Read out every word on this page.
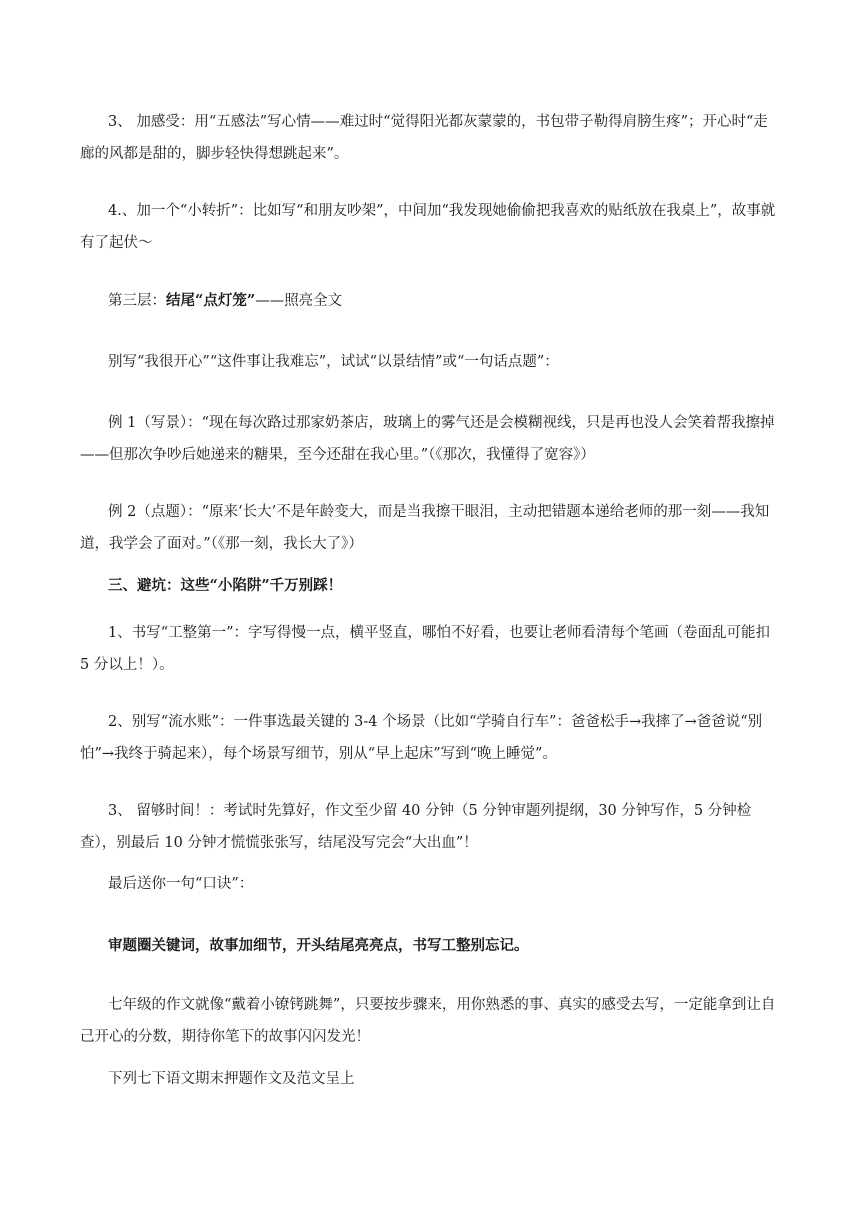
3、 加感受：用“五感法”写心情——难过时“觉得阳光都灰蒙蒙的，书包带子勒得肩膀生疼”；开心时“走廊的风都是甜的，脚步轻快得想跳起来”。

4.、加一个“小转折”：比如写“和朋友吵架”，中间加“我发现她偷偷把我喜欢的贴纸放在我桌上”，故事就有了起伏～

第三层：结尾“点灯笼”——照亮全文

别写“我很开心”“这件事让我难忘”，试试“以景结情”或“一句话点题”：

例 1（写景）：“现在每次路过那家奶茶店，玻璃上的雾气还是会模糊视线，只是再也没人会笑着帮我擦掉——但那次争吵后她递来的糖果，至今还甜在我心里。”（《那次，我懂得了宽容》）

例 2（点题）：“原来‘长大’不是年龄变大，而是当我擦干眼泪，主动把错题本递给老师的那一刻——我知道，我学会了面对。”（《那一刻，我长大了》）

三、避坑：这些“小陷阱”千万别踩！

1、书写“工整第一”：字写得慢一点，横平竖直，哪怕不好看，也要让老师看清每个笔画（卷面乱可能扣 5 分以上！）。

2、别写“流水账”：一件事选最关键的 3-4 个场景（比如“学骑自行车”：爸爸松手→我摔了→爸爸说“别怕”→我终于骑起来），每个场景写细节，别从“早上起床”写到“晚上睡觉”。

3、 留够时间！：考试时先算好，作文至少留 40 分钟（5 分钟审题列提纲，30 分钟写作，5 分钟检查），别最后 10 分钟才慌慌张张写，结尾没写完会“大出血”！

最后送你一句“口诀”：

审题圈关键词，故事加细节，开头结尾亮亮点，书写工整别忘记。

七年级的作文就像“戴着小镣铐跳舞”，只要按步骤来，用你熟悉的事、真实的感受去写，一定能拿到让自己开心的分数，期待你笔下的故事闪闪发光！

下列七下语文期末押题作文及范文呈上
